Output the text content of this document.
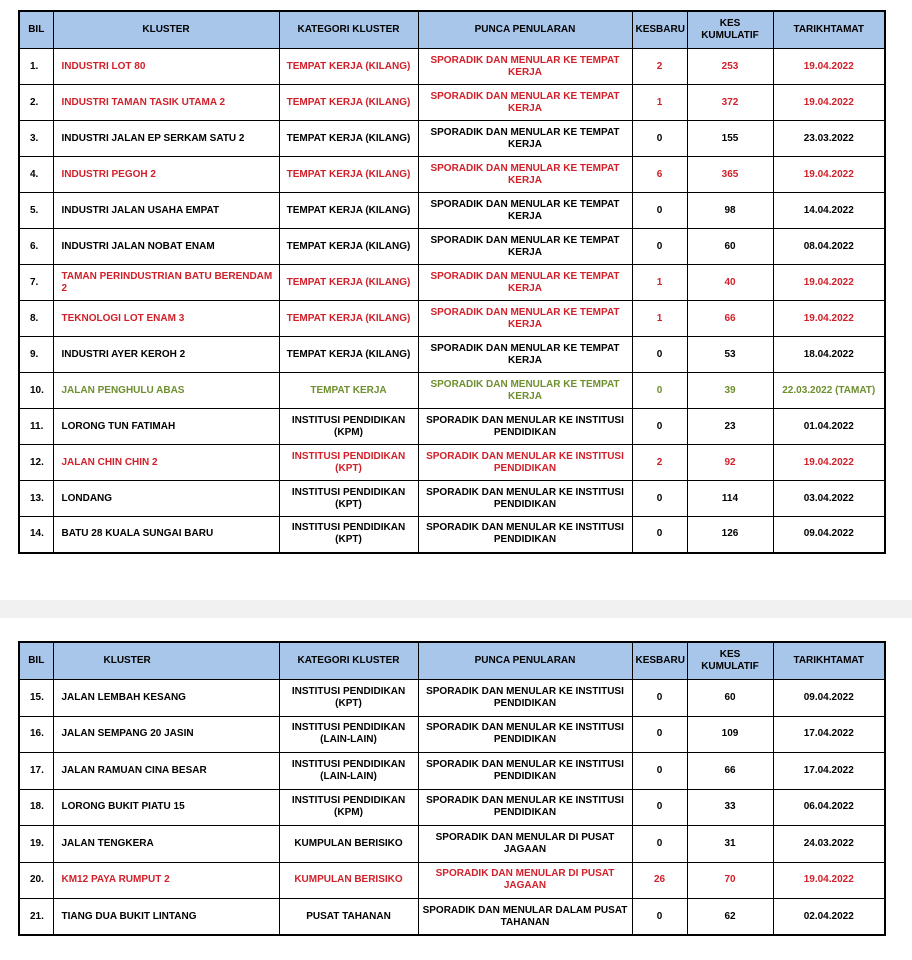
BIL	KLUSTER	KATEGORI KLUSTER	PUNCA PENULARAN	KESBARU	KES KUMULATIF	TARIKHTAMAT
1.	INDUSTRI LOT 80	TEMPAT KERJA (KILANG)	SPORADIK DAN MENULAR KE TEMPAT KERJA	2	253	19.04.2022
2.	INDUSTRI TAMAN TASIK UTAMA 2	TEMPAT KERJA (KILANG)	SPORADIK DAN MENULAR KE TEMPAT KERJA	1	372	19.04.2022
3.	INDUSTRI JALAN EP SERKAM SATU 2	TEMPAT KERJA (KILANG)	SPORADIK DAN MENULAR KE TEMPAT KERJA	0	155	23.03.2022
4.	INDUSTRI PEGOH 2	TEMPAT KERJA (KILANG)	SPORADIK DAN MENULAR KE TEMPAT KERJA	6	365	19.04.2022
5.	INDUSTRI JALAN USAHA EMPAT	TEMPAT KERJA (KILANG)	SPORADIK DAN MENULAR KE TEMPAT KERJA	0	98	14.04.2022
6.	INDUSTRI JALAN NOBAT ENAM	TEMPAT KERJA (KILANG)	SPORADIK DAN MENULAR KE TEMPAT KERJA	0	60	08.04.2022
7.	TAMAN PERINDUSTRIAN BATU BERENDAM 2	TEMPAT KERJA (KILANG)	SPORADIK DAN MENULAR KE TEMPAT KERJA	1	40	19.04.2022
8.	TEKNOLOGI LOT ENAM 3	TEMPAT KERJA (KILANG)	SPORADIK DAN MENULAR KE TEMPAT KERJA	1	66	19.04.2022
9.	INDUSTRI AYER KEROH 2	TEMPAT KERJA (KILANG)	SPORADIK DAN MENULAR KE TEMPAT KERJA	0	53	18.04.2022
10.	JALAN PENGHULU ABAS	TEMPAT KERJA	SPORADIK DAN MENULAR KE TEMPAT KERJA	0	39	22.03.2022 (TAMAT)
11.	LORONG TUN FATIMAH	INSTITUSI PENDIDIKAN (KPM)	SPORADIK DAN MENULAR KE INSTITUSI PENDIDIKAN	0	23	01.04.2022
12.	JALAN CHIN CHIN 2	INSTITUSI PENDIDIKAN (KPT)	SPORADIK DAN MENULAR KE INSTITUSI PENDIDIKAN	2	92	19.04.2022
13.	LONDANG	INSTITUSI PENDIDIKAN (KPT)	SPORADIK DAN MENULAR KE INSTITUSI PENDIDIKAN	0	114	03.04.2022
14.	BATU 28 KUALA SUNGAI BARU	INSTITUSI PENDIDIKAN (KPT)	SPORADIK DAN MENULAR KE INSTITUSI PENDIDIKAN	0	126	09.04.2022
BIL	KLUSTER	KATEGORI KLUSTER	PUNCA PENULARAN	KESBARU	KES KUMULATIF	TARIKHTAMAT
15.	JALAN LEMBAH KESANG	INSTITUSI PENDIDIKAN (KPT)	SPORADIK DAN MENULAR KE INSTITUSI PENDIDIKAN	0	60	09.04.2022
16.	JALAN SEMPANG 20 JASIN	INSTITUSI PENDIDIKAN (LAIN-LAIN)	SPORADIK DAN MENULAR KE INSTITUSI PENDIDIKAN	0	109	17.04.2022
17.	JALAN RAMUAN CINA BESAR	INSTITUSI PENDIDIKAN (LAIN-LAIN)	SPORADIK DAN MENULAR KE INSTITUSI PENDIDIKAN	0	66	17.04.2022
18.	LORONG BUKIT PIATU 15	INSTITUSI PENDIDIKAN (KPM)	SPORADIK DAN MENULAR KE INSTITUSI PENDIDIKAN	0	33	06.04.2022
19.	JALAN TENGKERA	KUMPULAN BERISIKO	SPORADIK DAN MENULAR DI PUSAT JAGAAN	0	31	24.03.2022
20.	KM12 PAYA RUMPUT 2	KUMPULAN BERISIKO	SPORADIK DAN MENULAR DI PUSAT JAGAAN	26	70	19.04.2022
21.	TIANG DUA BUKIT LINTANG	PUSAT TAHANAN	SPORADIK DAN MENULAR DALAM PUSAT TAHANAN	0	62	02.04.2022
